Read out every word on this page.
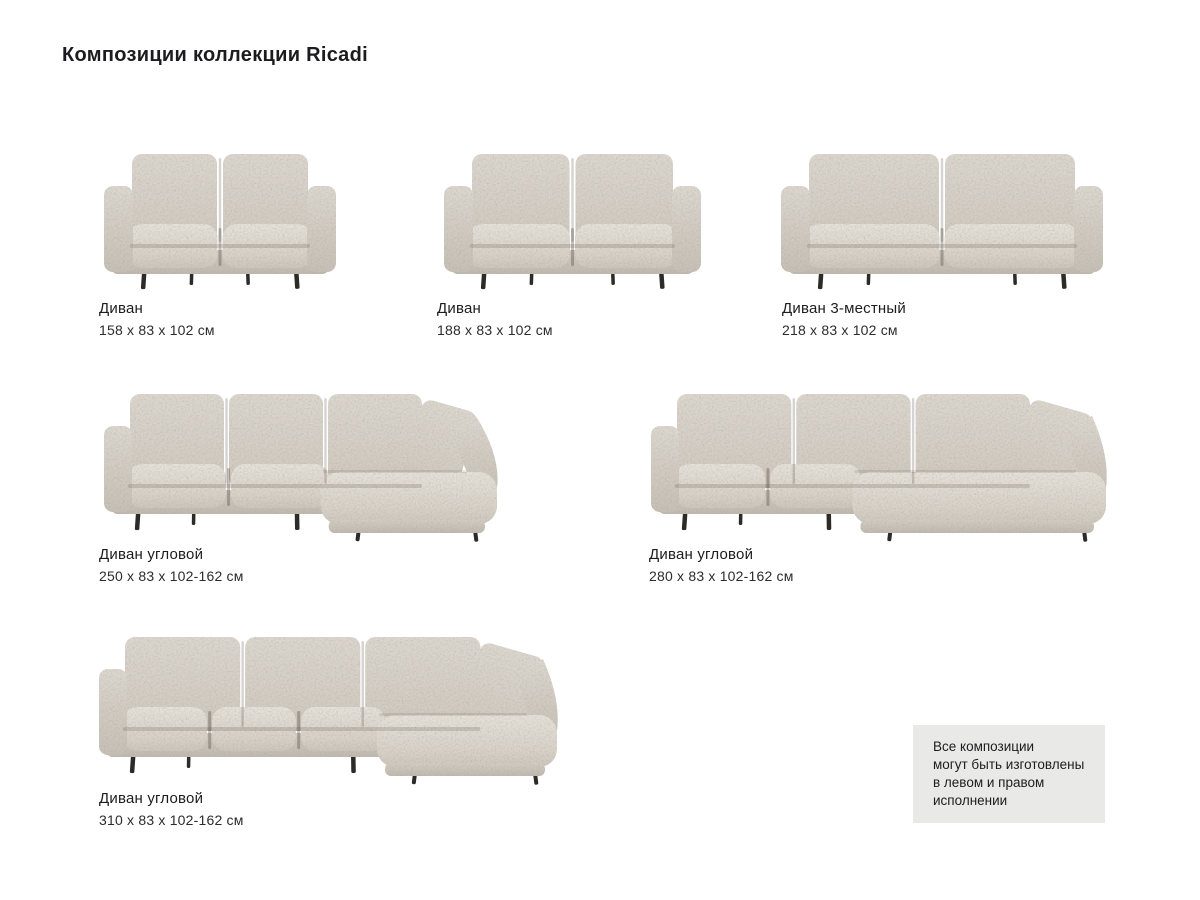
Композиции коллекции Ricadi
Диван
158 x 83 x 102 см
Диван
188 x 83 x 102 см
Диван 3-местный
218 x 83 x 102 см
Диван угловой
250 x 83 x 102-162 см
Диван угловой
280 x 83 x 102-162 см
Диван угловой
310 x 83 x 102-162 см
Все композиции
могут быть изготовлены
в левом и правом
исполнении
